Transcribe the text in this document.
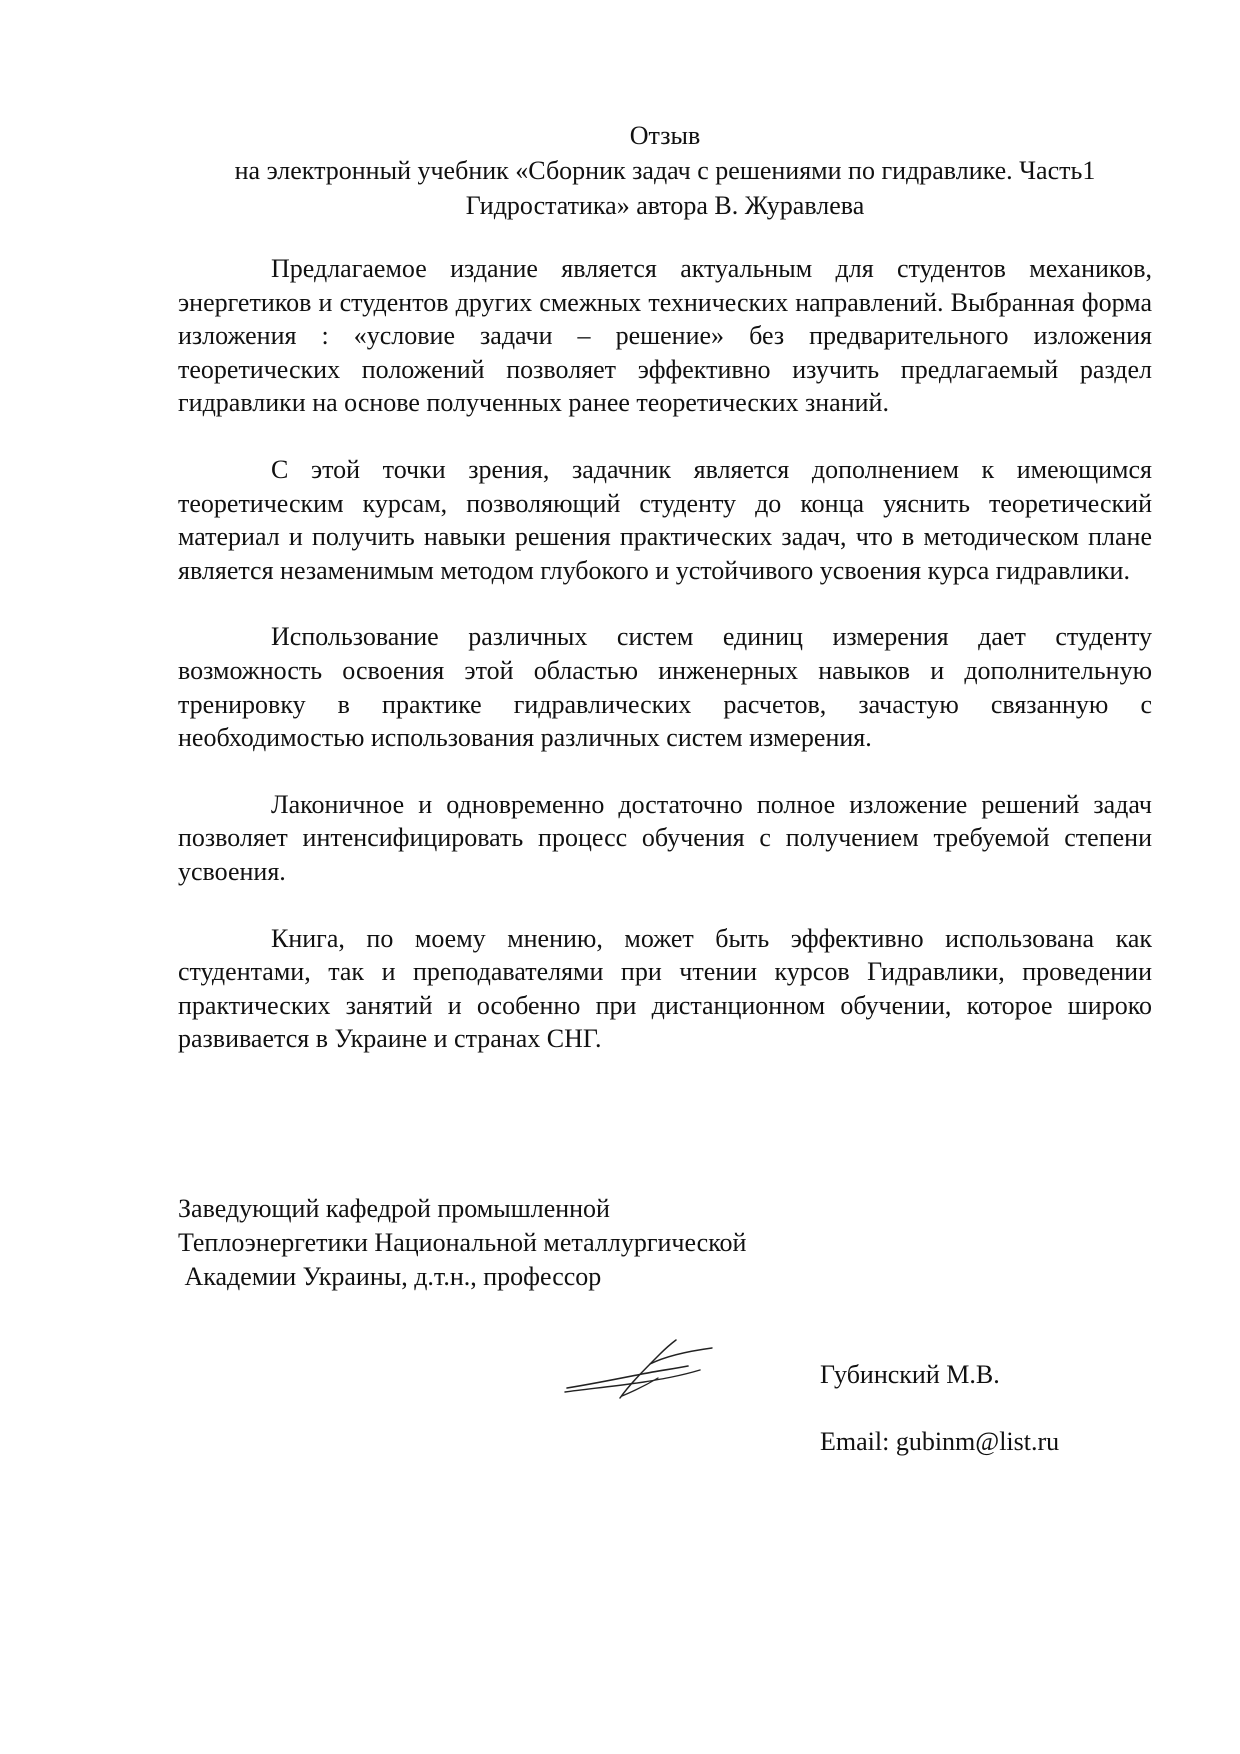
Отзыв
на электронный учебник «Сборник задач с решениями по гидравлике. Часть1
Гидростатика» автора В. Журавлева

Предлагаемое издание является актуальным для студентов механиков, энергетиков и студентов других смежных технических направлений. Выбранная форма изложения : «условие задачи – решение» без предварительного изложения теоретических положений позволяет эффективно изучить предлагаемый раздел гидравлики на основе полученных ранее теоретических знаний.

С этой точки зрения, задачник является дополнением к имеющимся теоретическим курсам, позволяющий студенту до конца уяснить теоретический материал и получить навыки решения практических задач, что в методическом плане является незаменимым методом глубокого и устойчивого усвоения курса гидравлики.

Использование различных систем единиц измерения дает студенту возможность освоения этой областью инженерных навыков и дополнительную тренировку в практике гидравлических расчетов, зачастую связанную с необходимостью использования различных систем измерения.

Лаконичное и одновременно достаточно полное изложение решений задач позволяет интенсифицировать процесс обучения с получением требуемой степени усвоения.

Книга, по моему мнению, может быть эффективно использована как студентами, так и преподавателями при чтении курсов Гидравлики, проведении практических занятий и особенно при дистанционном обучении, которое широко развивается в Украине и странах СНГ.

Заведующий кафедрой промышленной
Теплоэнергетики Национальной металлургической
Академии Украины, д.т.н., профессор
Губинский М.В.
Email: gubinm@list.ru
